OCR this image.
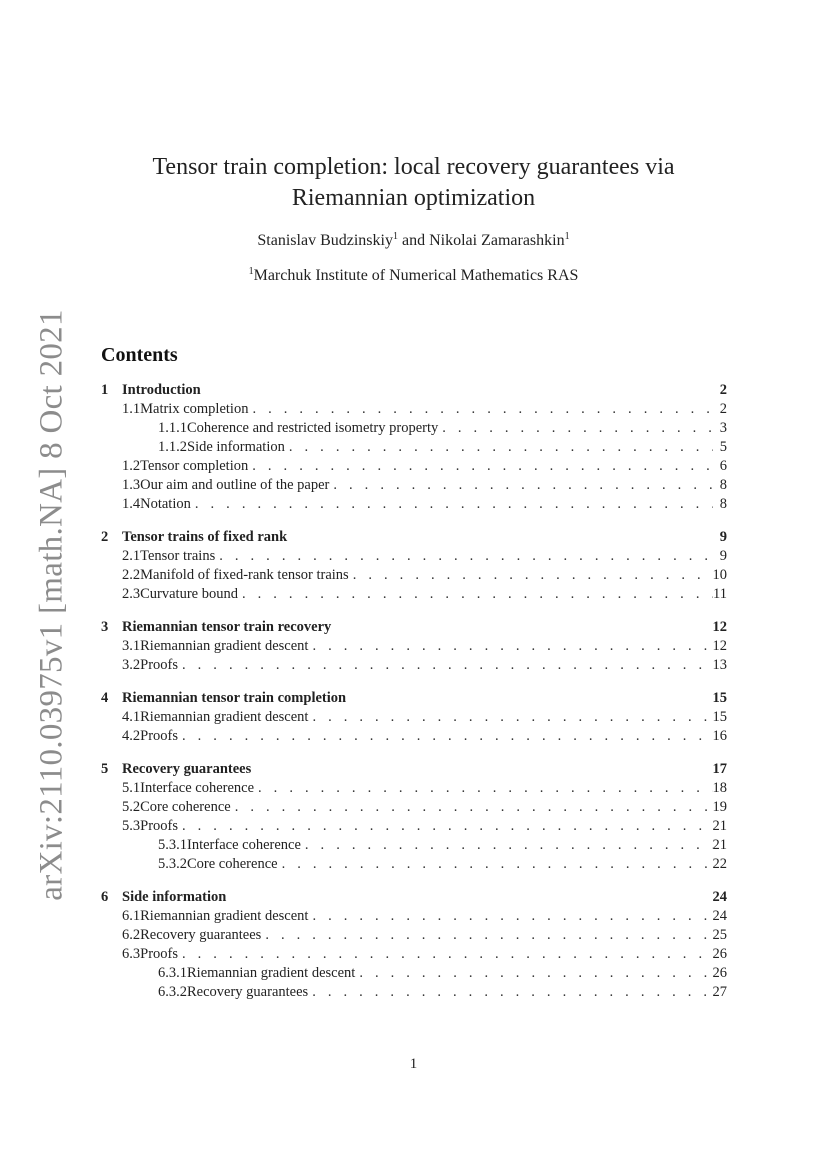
arXiv:2110.03975v1 [math.NA] 8 Oct 2021
Tensor train completion: local recovery guarantees via
Riemannian optimization
Stanislav Budzinskiy$^1$ and Nikolai Zamarashkin$^1$
$^1$Marchuk Institute of Numerical Mathematics RAS
Contents
1 Introduction	2
1.1 Matrix completion . . .	2
1.1.1 Coherence and restricted isometry property . . .	3
1.1.2 Side information . . .	5
1.2 Tensor completion . . .	6
1.3 Our aim and outline of the paper . . .	8
1.4 Notation . . .	8
2 Tensor trains of fixed rank	9
2.1 Tensor trains . . .	9
2.2 Manifold of fixed-rank tensor trains . . .	10
2.3 Curvature bound . . .	11
3 Riemannian tensor train recovery	12
3.1 Riemannian gradient descent . . .	12
3.2 Proofs . . .	13
4 Riemannian tensor train completion	15
4.1 Riemannian gradient descent . . .	15
4.2 Proofs . . .	16
5 Recovery guarantees	17
5.1 Interface coherence . . .	18
5.2 Core coherence . . .	19
5.3 Proofs . . .	21
5.3.1 Interface coherence . . .	21
5.3.2 Core coherence . . .	22
6 Side information	24
6.1 Riemannian gradient descent . . .	24
6.2 Recovery guarantees . . .	25
6.3 Proofs . . .	26
6.3.1 Riemannian gradient descent . . .	26
6.3.2 Recovery guarantees . . .	27
1
